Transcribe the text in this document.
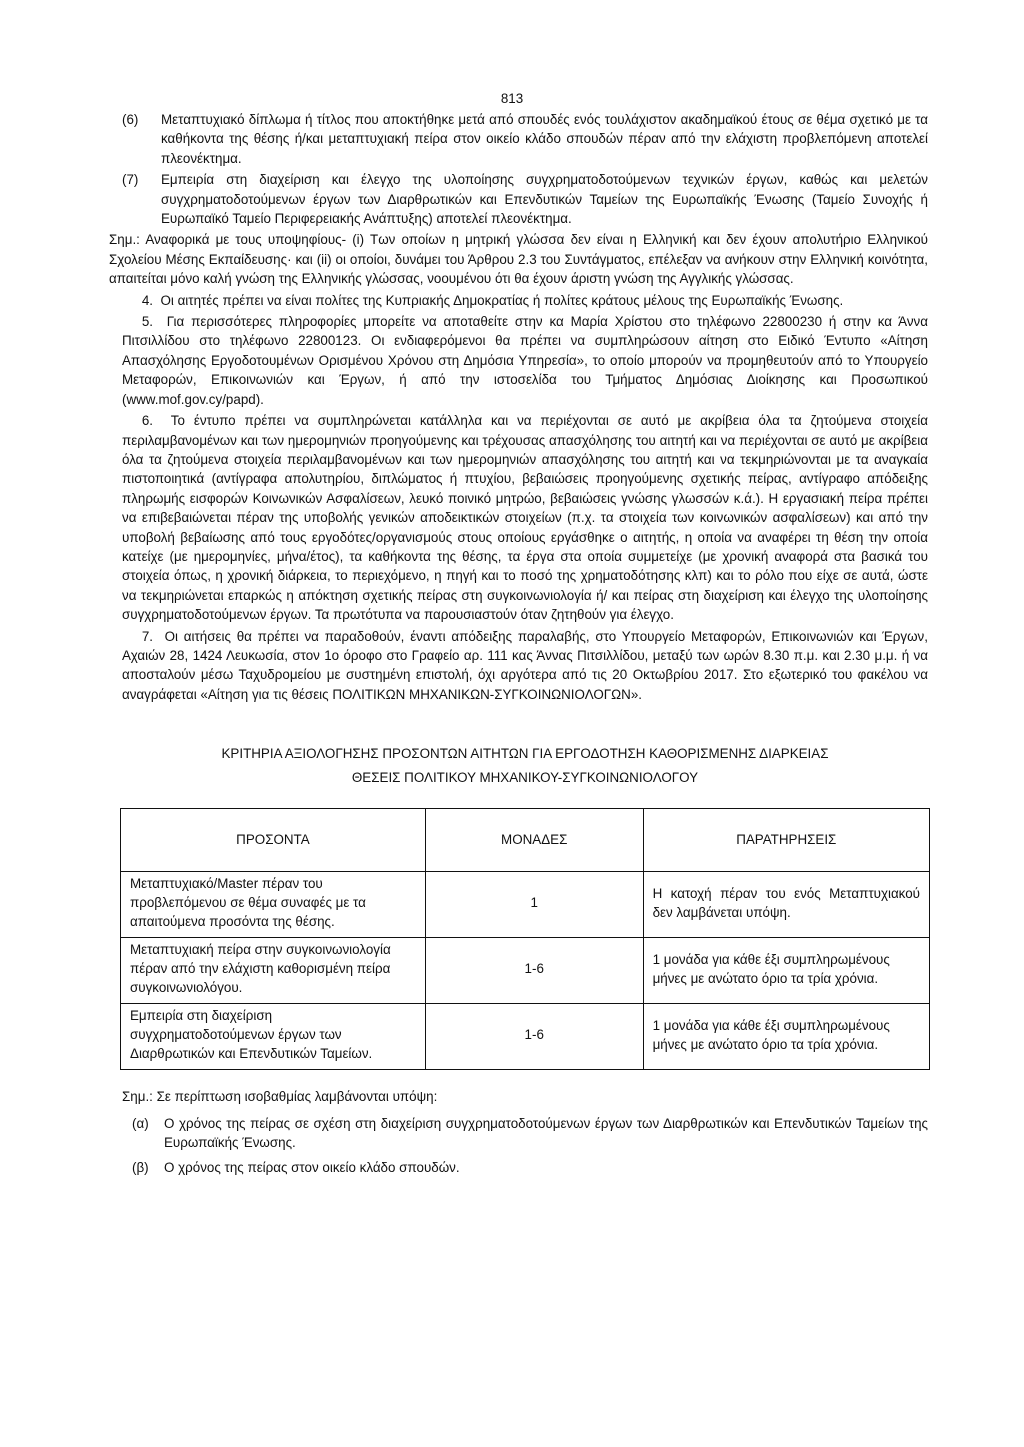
813
(6)	Μεταπτυχιακό δίπλωμα ή τίτλος που αποκτήθηκε μετά από σπουδές ενός τουλάχιστον ακαδημαϊκού έτους σε θέμα σχετικό με τα καθήκοντα της θέσης ή/και μεταπτυχιακή πείρα στον οικείο κλάδο σπουδών πέραν από την ελάχιστη προβλεπόμενη αποτελεί πλεονέκτημα.
(7)	Εμπειρία στη διαχείριση και έλεγχο της υλοποίησης συγχρηματοδοτούμενων τεχνικών έργων, καθώς και μελετών συγχρηματοδοτούμενων έργων των Διαρθρωτικών και Επενδυτικών Ταμείων της Ευρωπαϊκής Ένωσης (Ταμείο Συνοχής ή Ευρωπαϊκό Ταμείο Περιφερειακής Ανάπτυξης) αποτελεί πλεονέκτημα.
Σημ.: Αναφορικά με τους υποψηφίους- (i) Των οποίων η μητρική γλώσσα δεν είναι η Ελληνική και δεν έχουν απολυτήριο Ελληνικού Σχολείου Μέσης Εκπαίδευσης· και (ii) οι οποίοι, δυνάμει του Άρθρου 2.3 του Συντάγματος, επέλεξαν να ανήκουν στην Ελληνική κοινότητα, απαιτείται μόνο καλή γνώση της Ελληνικής γλώσσας, νοουμένου ότι θα έχουν άριστη γνώση της Αγγλικής γλώσσας.
4. Οι αιτητές πρέπει να είναι πολίτες της Κυπριακής Δημοκρατίας ή πολίτες κράτους μέλους της Ευρωπαϊκής Ένωσης.
5. Για περισσότερες πληροφορίες μπορείτε να αποταθείτε στην κα Μαρία Χρίστου στο τηλέφωνο 22800230 ή στην κα Άννα Πιτσιλλίδου στο τηλέφωνο 22800123. Οι ενδιαφερόμενοι θα πρέπει να συμπληρώσουν αίτηση στο Ειδικό Έντυπο «Αίτηση Απασχόλησης Εργοδοτουμένων Ορισμένου Χρόνου στη Δημόσια Υπηρεσία», το οποίο μπορούν να προμηθευτούν από το Υπουργείο Μεταφορών, Επικοινωνιών και Έργων, ή από την ιστοσελίδα του Τμήματος Δημόσιας Διοίκησης και Προσωπικού (www.mof.gov.cy/papd).
6. Το έντυπο πρέπει να συμπληρώνεται κατάλληλα και να περιέχονται σε αυτό με ακρίβεια όλα τα ζητούμενα στοιχεία περιλαμβανομένων και των ημερομηνιών προηγούμενης και τρέχουσας απασχόλησης του αιτητή και να περιέχονται σε αυτό με ακρίβεια όλα τα ζητούμενα στοιχεία περιλαμβανομένων και των ημερομηνιών απασχόλησης του αιτητή και να τεκμηριώνονται με τα αναγκαία πιστοποιητικά (αντίγραφα απολυτηρίου, διπλώματος ή πτυχίου, βεβαιώσεις προηγούμενης σχετικής πείρας, αντίγραφο απόδειξης πληρωμής εισφορών Κοινωνικών Ασφαλίσεων, λευκό ποινικό μητρώο, βεβαιώσεις γνώσης γλωσσών κ.ά.). Η εργασιακή πείρα πρέπει να επιβεβαιώνεται πέραν της υποβολής γενικών αποδεικτικών στοιχείων (π.χ. τα στοιχεία των κοινωνικών ασφαλίσεων) και από την υποβολή βεβαίωσης από τους εργοδότες/οργανισμούς στους οποίους εργάσθηκε ο αιτητής, η οποία να αναφέρει τη θέση την οποία κατείχε (με ημερομηνίες, μήνα/έτος), τα καθήκοντα της θέσης, τα έργα στα οποία συμμετείχε (με χρονική αναφορά στα βασικά του στοιχεία όπως, η χρονική διάρκεια, το περιεχόμενο, η πηγή και το ποσό της χρηματοδότησης κλπ) και το ρόλο που είχε σε αυτά, ώστε να τεκμηριώνεται επαρκώς η απόκτηση σχετικής πείρας στη συγκοινωνιολογία ή/ και πείρας στη διαχείριση και έλεγχο της υλοποίησης συγχρηματοδοτούμενων έργων. Τα πρωτότυπα να παρουσιαστούν όταν ζητηθούν για έλεγχο.
7. Οι αιτήσεις θα πρέπει να παραδοθούν, έναντι απόδειξης παραλαβής, στο Υπουργείο Μεταφορών, Επικοινωνιών και Έργων, Αχαιών 28, 1424 Λευκωσία, στον 1ο όροφο στο Γραφείο αρ. 111 κας Άννας Πιτσιλλίδου, μεταξύ των ωρών 8.30 π.μ. και 2.30 μ.μ. ή να αποσταλούν μέσω Ταχυδρομείου με συστημένη επιστολή, όχι αργότερα από τις 20 Οκτωβρίου 2017. Στο εξωτερικό του φακέλου να αναγράφεται «Αίτηση για τις θέσεις ΠΟΛΙΤΙΚΩΝ ΜΗΧΑΝΙΚΩΝ-ΣΥΓΚΟΙΝΩΝΙΟΛΟΓΩΝ».
ΚΡΙΤΗΡΙΑ ΑΞΙΟΛΟΓΗΣΗΣ ΠΡΟΣΟΝΤΩΝ ΑΙΤΗΤΩΝ ΓΙΑ ΕΡΓΟΔΟΤΗΣΗ ΚΑΘΟΡΙΣΜΕΝΗΣ ΔΙΑΡΚΕΙΑΣ
ΘΕΣΕΙΣ ΠΟΛΙΤΙΚΟΥ ΜΗΧΑΝΙΚΟΥ-ΣΥΓΚΟΙΝΩΝΙΟΛΟΓΟΥ
ΠΡΟΣΟΝΤΑ	ΜΟΝΑΔΕΣ	ΠΑΡΑΤΗΡΗΣΕΙΣ
Μεταπτυχιακό/Master πέραν του προβλεπόμενου σε θέμα συναφές με τα απαιτούμενα προσόντα της θέσης.	1	Η κατοχή πέραν του ενός Μεταπτυχιακού δεν λαμβάνεται υπόψη.
Μεταπτυχιακή πείρα στην συγκοινωνιολογία πέραν από την ελάχιστη καθορισμένη πείρα συγκοινωνιολόγου.	1-6	1 μονάδα για κάθε έξι συμπληρωμένους μήνες με ανώτατο όριο τα τρία χρόνια.
Εμπειρία στη διαχείριση συγχρηματοδοτούμενων έργων των Διαρθρωτικών και Επενδυτικών Ταμείων.	1-6	1 μονάδα για κάθε έξι συμπληρωμένους μήνες με ανώτατο όριο τα τρία χρόνια.
Σημ.: Σε περίπτωση ισοβαθμίας λαμβάνονται υπόψη:
(α)	Ο χρόνος της πείρας σε σχέση στη διαχείριση συγχρηματοδοτούμενων έργων των Διαρθρωτικών και Επενδυτικών Ταμείων της Ευρωπαϊκής Ένωσης.
(β)	Ο χρόνος της πείρας στον οικείο κλάδο σπουδών.
